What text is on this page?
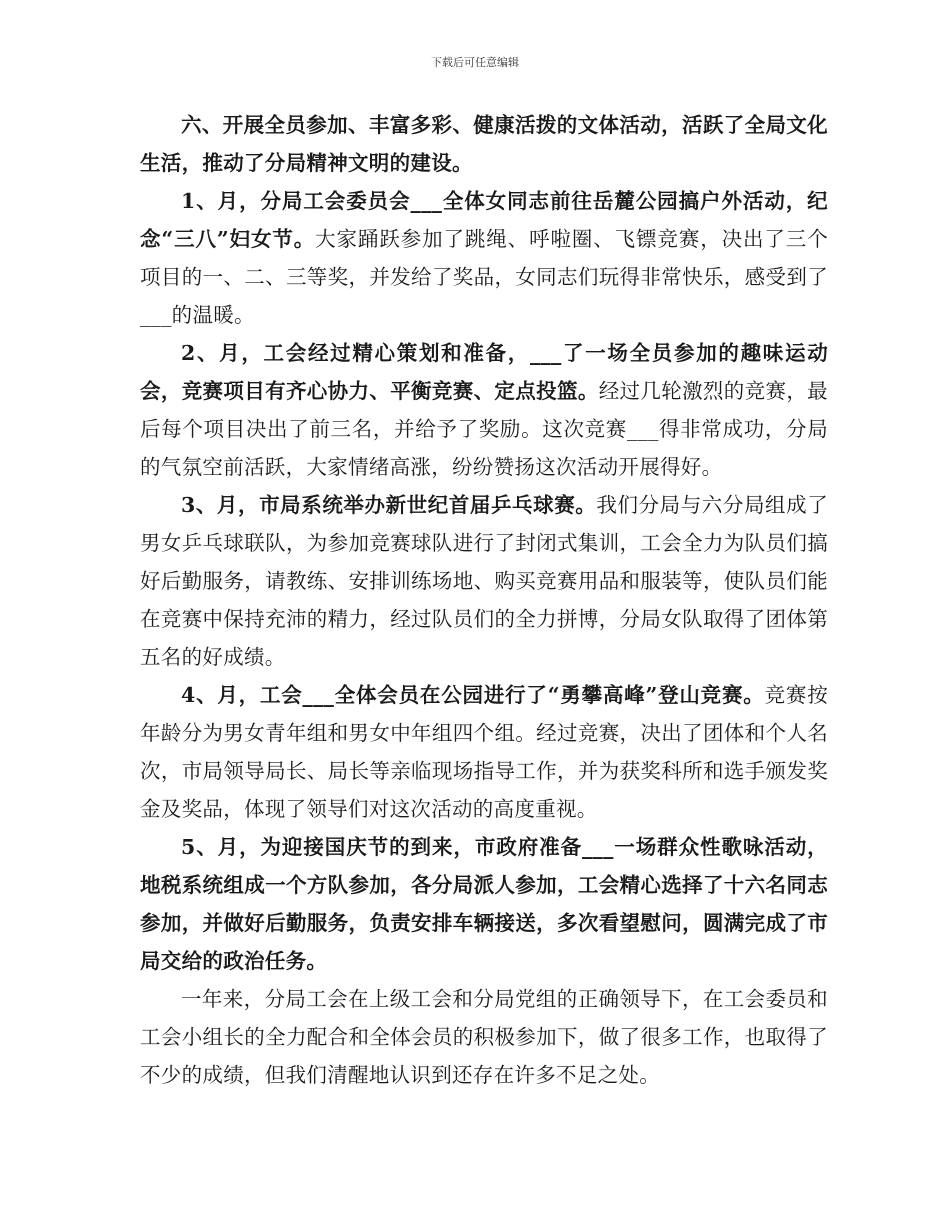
下载后可任意编辑

六、开展全员参加、丰富多彩、健康活拨的文体活动，活跃了全局文化生活，推动了分局精神文明的建设。

1、月，分局工会委员会___全体女同志前往岳麓公园搞户外活动，纪念“三八”妇女节。大家踊跃参加了跳绳、呼啦圈、飞镖竞赛，决出了三个项目的一、二、三等奖，并发给了奖品，女同志们玩得非常快乐，感受到了___的温暖。

2、月，工会经过精心策划和准备，___了一场全员参加的趣味运动会，竞赛项目有齐心协力、平衡竞赛、定点投篮。经过几轮激烈的竞赛，最后每个项目决出了前三名，并给予了奖励。这次竞赛___得非常成功，分局的气氛空前活跃，大家情绪高涨，纷纷赞扬这次活动开展得好。

3、月，市局系统举办新世纪首届乒乓球赛。我们分局与六分局组成了男女乒乓球联队，为参加竞赛球队进行了封闭式集训，工会全力为队员们搞好后勤服务，请教练、安排训练场地、购买竞赛用品和服装等，使队员们能在竞赛中保持充沛的精力，经过队员们的全力拼博，分局女队取得了团体第五名的好成绩。

4、月，工会___全体会员在公园进行了“勇攀高峰”登山竞赛。竞赛按年龄分为男女青年组和男女中年组四个组。经过竞赛，决出了团体和个人名次，市局领导局长、局长等亲临现场指导工作，并为获奖科所和选手颁发奖金及奖品，体现了领导们对这次活动的高度重视。

5、月，为迎接国庆节的到来，市政府准备___一场群众性歌咏活动，地税系统组成一个方队参加，各分局派人参加，工会精心选择了十六名同志参加，并做好后勤服务，负责安排车辆接送，多次看望慰问，圆满完成了市局交给的政治任务。

一年来，分局工会在上级工会和分局党组的正确领导下，在工会委员和工会小组长的全力配合和全体会员的积极参加下，做了很多工作，也取得了不少的成绩，但我们清醒地认识到还存在许多不足之处。
